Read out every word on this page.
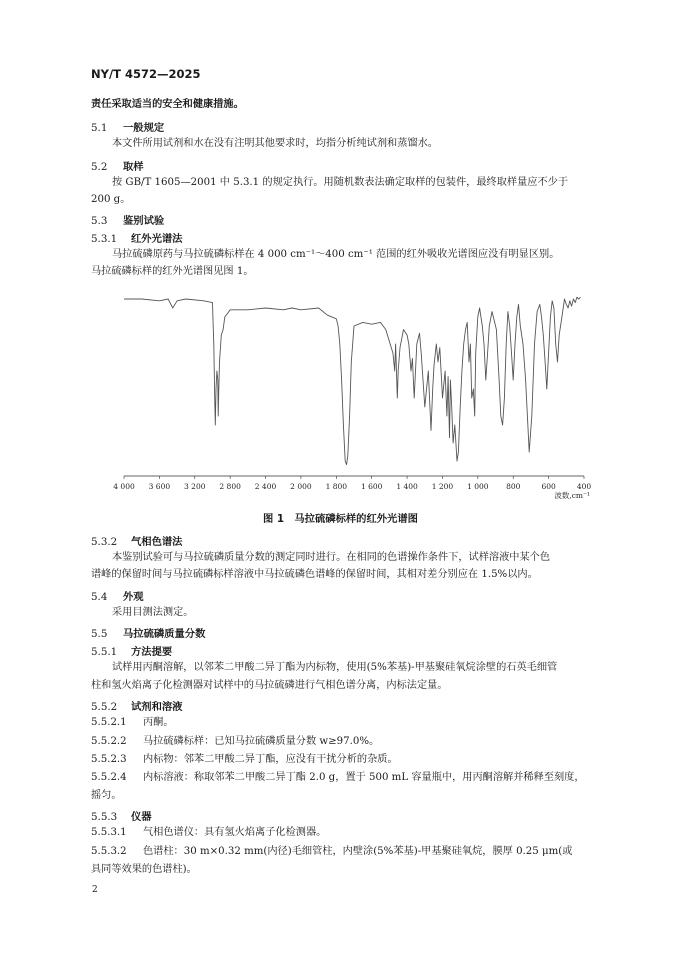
NY/T 4572—2025
责任采取适当的安全和健康措施。
5.1 一般规定
本文件所用试剂和水在没有注明其他要求时，均指分析纯试剂和蒸馏水。
5.2 取样
按 GB/T 1605—2001 中 5.3.1 的规定执行。用随机数表法确定取样的包装件，最终取样量应不少于
200 g。
5.3 鉴别试验
5.3.1 红外光谱法
马拉硫磷原药与马拉硫磷标样在 4 000 cm⁻¹～400 cm⁻¹ 范围的红外吸收光谱图应没有明显区别。
马拉硫磷标样的红外光谱图见图 1。
4 000 3 600 3 200 2 800 2 400 2 000 1 800 1 600 1 400 1 200 1 000 800	600	400
波数,cm⁻¹
图 1　马拉硫磷标样的红外光谱图
5.3.2 气相色谱法
本鉴别试验可与马拉硫磷质量分数的测定同时进行。在相同的色谱操作条件下，试样溶液中某个色
谱峰的保留时间与马拉硫磷标样溶液中马拉硫磷色谱峰的保留时间，其相对差分别应在 1.5%以内。
5.4 外观
采用目测法测定。
5.5 马拉硫磷质量分数
5.5.1 方法提要
试样用丙酮溶解，以邻苯二甲酸二异丁酯为内标物，使用(5%苯基)-甲基聚硅氧烷涂壁的石英毛细管
柱和氢火焰离子化检测器对试样中的马拉硫磷进行气相色谱分离，内标法定量。
5.5.2 试剂和溶液
5.5.2.1 丙酮。
5.5.2.2 马拉硫磷标样：已知马拉硫磷质量分数 w≥97.0%。
5.5.2.3 内标物：邻苯二甲酸二异丁酯，应没有干扰分析的杂质。
5.5.2.4 内标溶液：称取邻苯二甲酸二异丁酯 2.0 g，置于 500 mL 容量瓶中，用丙酮溶解并稀释至刻度，
摇匀。
5.5.3 仪器
5.5.3.1 气相色谱仪：具有氢火焰离子化检测器。
5.5.3.2 色谱柱：30 m×0.32 mm(内径)毛细管柱，内壁涂(5%苯基)-甲基聚硅氧烷，膜厚 0.25 μm(或
具同等效果的色谱柱)。
2
